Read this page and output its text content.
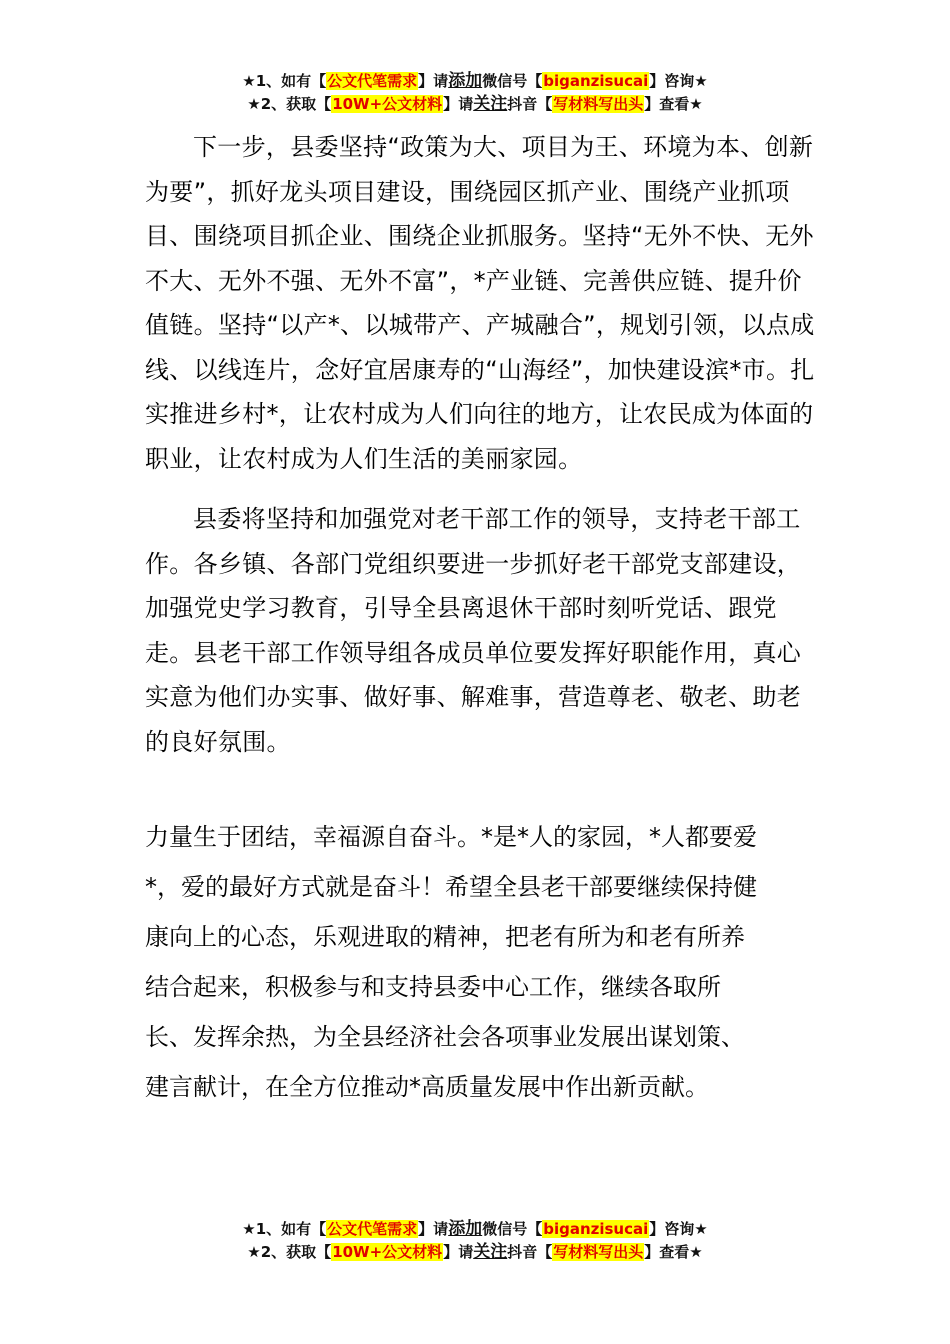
★1、如有【公文代笔需求】请添加微信号【biganzisucai】咨询★
★2、获取【10W+公文材料】请关注抖音【写材料写出头】查看★

下一步，县委坚持“政策为大、项目为王、环境为本、创新为要”，抓好龙头项目建设，围绕园区抓产业、围绕产业抓项目、围绕项目抓企业、围绕企业抓服务。坚持“无外不快、无外不大、无外不强、无外不富”，*产业链、完善供应链、提升价值链。坚持“以产*、以城带产、产城融合”，规划引领，以点成线、以线连片，念好宜居康寿的“山海经”，加快建设滨*市。扎实推进乡村*，让农村成为人们向往的地方，让农民成为体面的职业，让农村成为人们生活的美丽家园。

县委将坚持和加强党对老干部工作的领导，支持老干部工作。各乡镇、各部门党组织要进一步抓好老干部党支部建设，加强党史学习教育，引导全县离退休干部时刻听党话、跟党走。县老干部工作领导组各成员单位要发挥好职能作用，真心实意为他们办实事、做好事、解难事，营造尊老、敬老、助老的良好氛围。

力量生于团结，幸福源自奋斗。*是*人的家园，*人都要爱
*，爱的最好方式就是奋斗！希望全县老干部要继续保持健
康向上的心态，乐观进取的精神，把老有所为和老有所养
结合起来，积极参与和支持县委中心工作，继续各取所
长、发挥余热，为全县经济社会各项事业发展出谋划策、
建言献计，在全方位推动*高质量发展中作出新贡献。
★1、如有【公文代笔需求】请添加微信号【biganzisucai】咨询★
★2、获取【10W+公文材料】请关注抖音【写材料写出头】查看★
